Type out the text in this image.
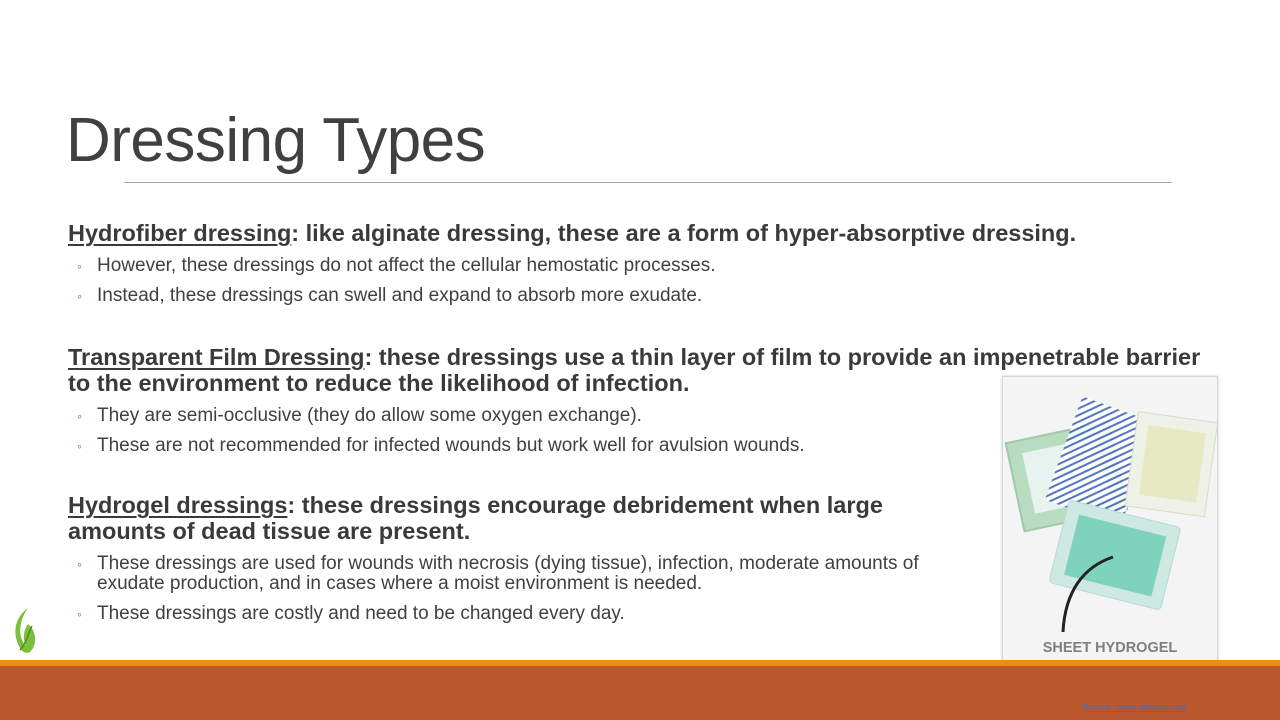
Dressing Types

Hydrofiber dressing: like alginate dressing, these are a form of hyper-absorptive dressing.

◦ However, these dressings do not affect the cellular hemostatic processes.
◦ Instead, these dressings can swell and expand to absorb more exudate.

Transparent Film Dressing: these dressings use a thin layer of film to provide an impenetrable barrier to the environment to reduce the likelihood of infection.

◦ They are semi-occlusive (they do allow some oxygen exchange).
◦ These are not recommended for infected wounds but work well for avulsion wounds.

Hydrogel dressings: these dressings encourage debridement when large amounts of dead tissue are present.

◦ These dressings are used for wounds with necrosis (dying tissue), infection, moderate amounts of exudate production, and in cases where a moist environment is needed.
◦ These dressings are costly and need to be changed every day.
SHEET HYDROGEL
Source: www.alibaba.com
